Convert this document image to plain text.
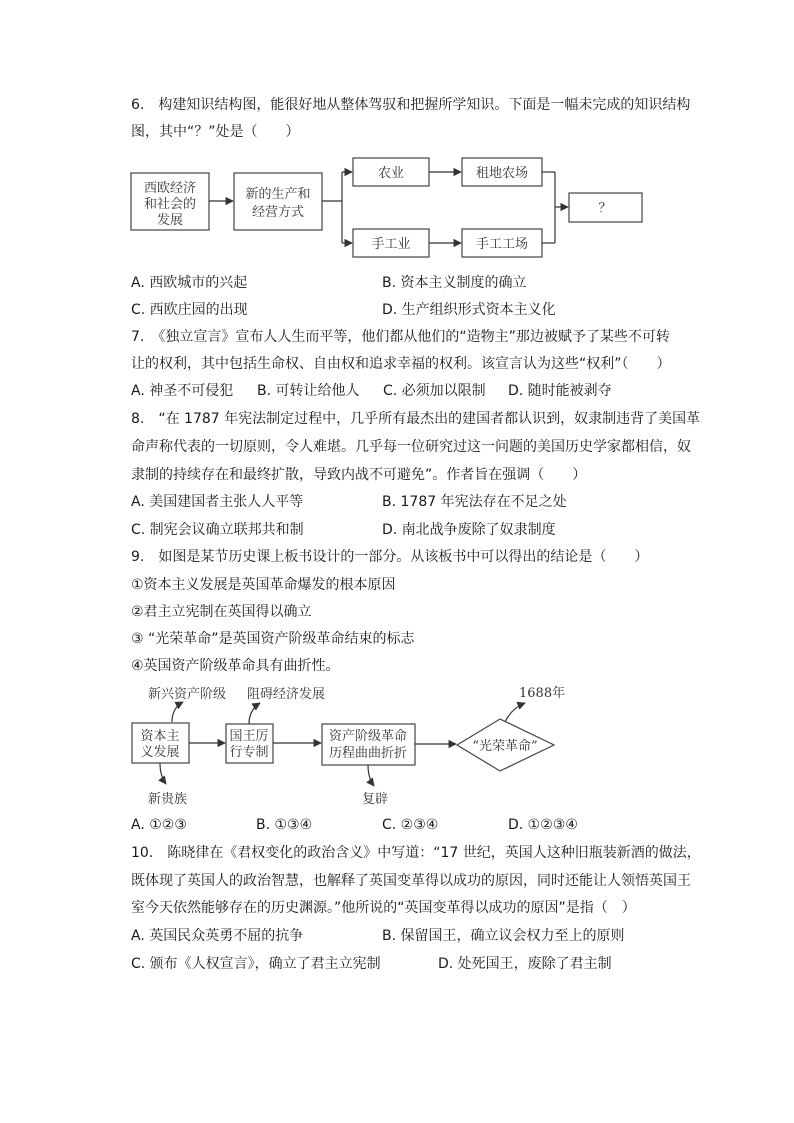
6.　构建知识结构图，能很好地从整体驾驭和把握所学知识。下面是一幅未完成的知识结构
图，其中“？”处是（　　）
西欧经济
和社会的
发展
新的生产和
经营方式
农业	租地农场
手工业	手工工场
？
新兴资产阶级 阻碍经济发展	1688年
资本主
义发展
国王厉
行专制
资产阶级革命
历程曲曲折折	“光荣革命”
新贵族	复辟
A. 西欧城市的兴起	B. 资本主义制度的确立
C. 西欧庄园的出现	D. 生产组织形式资本主义化
7.　《独立宣言》宣布人人生而平等，他们都从他们的“造物主”那边被赋予了某些不可转
让的权利，其中包括生命权、自由权和追求幸福的权利。该宣言认为这些“权利”（　　）
A. 神圣不可侵犯 B. 可转让给他人 C. 必须加以限制 D. 随时能被剥夺
8.　“在 1787 年宪法制定过程中，几乎所有最杰出的建国者都认识到，奴隶制违背了美国革
命声称代表的一切原则，令人难堪。几乎每一位研究过这一问题的美国历史学家都相信，奴
隶制的持续存在和最终扩散，导致内战不可避免”。作者旨在强调（　　）
A. 美国建国者主张人人平等	B. 1787 年宪法存在不足之处
C. 制宪会议确立联邦共和制	D. 南北战争废除了奴隶制度
9.　如图是某节历史课上板书设计的一部分。从该板书中可以得出的结论是（　　）
①资本主义发展是英国革命爆发的根本原因
②君主立宪制在英国得以确立
③ “光荣革命”是英国资产阶级革命结束的标志
④英国资产阶级革命具有曲折性。
A. ①②③	B. ①③④	C. ②③④	D. ①②③④
10.　陈晓律在《君权变化的政治含义》中写道：“17 世纪，英国人这种旧瓶装新酒的做法，
既体现了英国人的政治智慧，也解释了英国变革得以成功的原因，同时还能让人领悟英国王
室今天依然能够存在的历史渊源。”他所说的“英国变革得以成功的原因”是指（　）
A. 英国民众英勇不屈的抗争	B. 保留国王，确立议会权力至上的原则
C. 颁布《人权宣言》，确立了君主立宪制	D. 处死国王，废除了君主制
